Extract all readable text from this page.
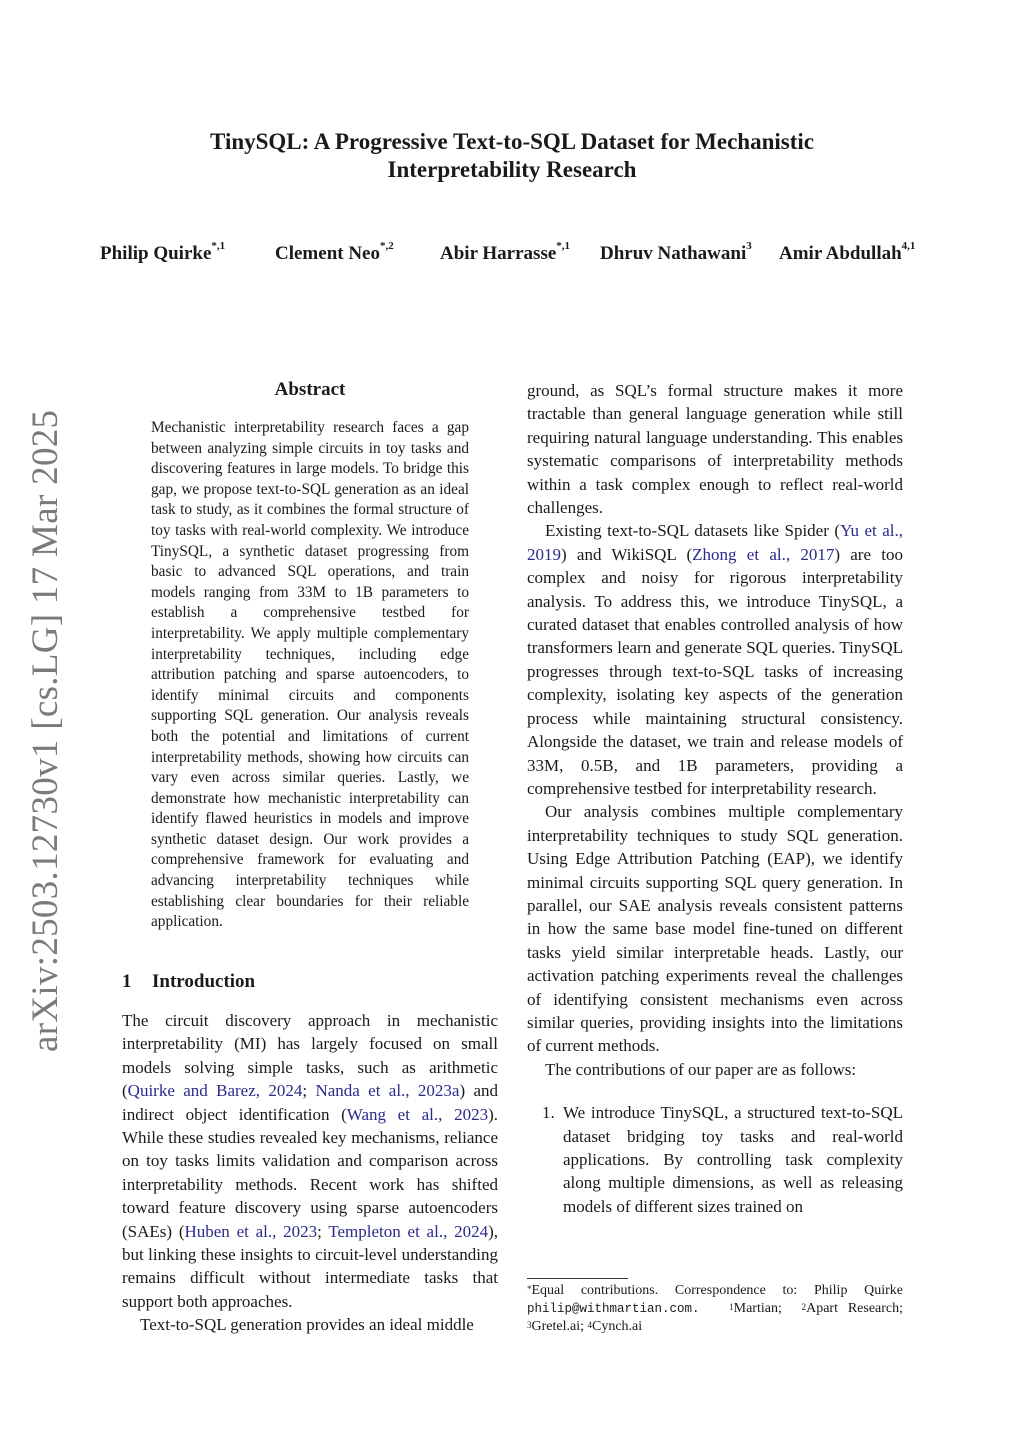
TinySQL: A Progressive Text-to-SQL Dataset for Mechanistic
Interpretability Research
Philip Quirke$^{*,1}$	Clement Neo$^{*,2}$ Abir Harrasse$^{*,1}$ Dhruv Nathawani$^3$ Amir Abdullah$^{4,1}$
arXiv:2503.12730v1 [cs.LG] 17 Mar 2025
Abstract

Mechanistic interpretability research faces a gap between analyzing simple circuits in toy tasks and discovering features in large models. To bridge this gap, we propose text-to-SQL generation as an ideal task to study, as it combines the formal structure of toy tasks with real-world complexity. We introduce TinySQL, a synthetic dataset progressing from basic to advanced SQL operations, and train models ranging from 33M to 1B parameters to establish a comprehensive testbed for interpretability. We apply multiple complementary interpretability techniques, including edge attribution patching and sparse autoencoders, to identify minimal circuits and components supporting SQL generation. Our analysis reveals both the potential and limitations of current interpretability methods, showing how circuits can vary even across similar queries. Lastly, we demonstrate how mechanistic interpretability can identify flawed heuristics in models and improve synthetic dataset design. Our work provides a comprehensive framework for evaluating and advancing interpretability techniques while establishing clear boundaries for their reliable application.

1 Introduction

The circuit discovery approach in mechanistic interpretability (MI) has largely focused on small models solving simple tasks, such as arithmetic (Quirke and Barez, 2024; Nanda et al., 2023a) and indirect object identification (Wang et al., 2023). While these studies revealed key mechanisms, reliance on toy tasks limits validation and comparison across interpretability methods. Recent work has shifted toward feature discovery using sparse autoencoders (SAEs) (Huben et al., 2023; Templeton et al., 2024), but linking these insights to circuit-level understanding remains difficult without intermediate tasks that support both approaches.

Text-to-SQL generation provides an ideal middle

ground, as SQL’s formal structure makes it more tractable than general language generation while still requiring natural language understanding. This enables systematic comparisons of interpretability methods within a task complex enough to reflect real-world challenges.

Existing text-to-SQL datasets like Spider (Yu et al., 2019) and WikiSQL (Zhong et al., 2017) are too complex and noisy for rigorous interpretability analysis. To address this, we introduce TinySQL, a curated dataset that enables controlled analysis of how transformers learn and generate SQL queries. TinySQL progresses through text-to-SQL tasks of increasing complexity, isolating key aspects of the generation process while maintaining structural consistency. Alongside the dataset, we train and release models of 33M, 0.5B, and 1B parameters, providing a comprehensive testbed for interpretability research.

Our analysis combines multiple complementary interpretability techniques to study SQL generation. Using Edge Attribution Patching (EAP), we identify minimal circuits supporting SQL query generation. In parallel, our SAE analysis reveals consistent patterns in how the same base model fine-tuned on different tasks yield similar interpretable heads. Lastly, our activation patching experiments reveal the challenges of identifying consistent mechanisms even across similar queries, providing insights into the limitations of current methods.

The contributions of our paper are as follows:

1. We introduce TinySQL, a structured text-to-SQL dataset bridging toy tasks and real-world applications. By controlling task complexity along multiple dimensions, as well as releasing models of different sizes trained on

*Equal contributions. Correspondence to: Philip Quirke philip@withmartian.com.	$^1$Martian; $^2$Apart Research; $^3$Gretel.ai; $^4$Cynch.ai
